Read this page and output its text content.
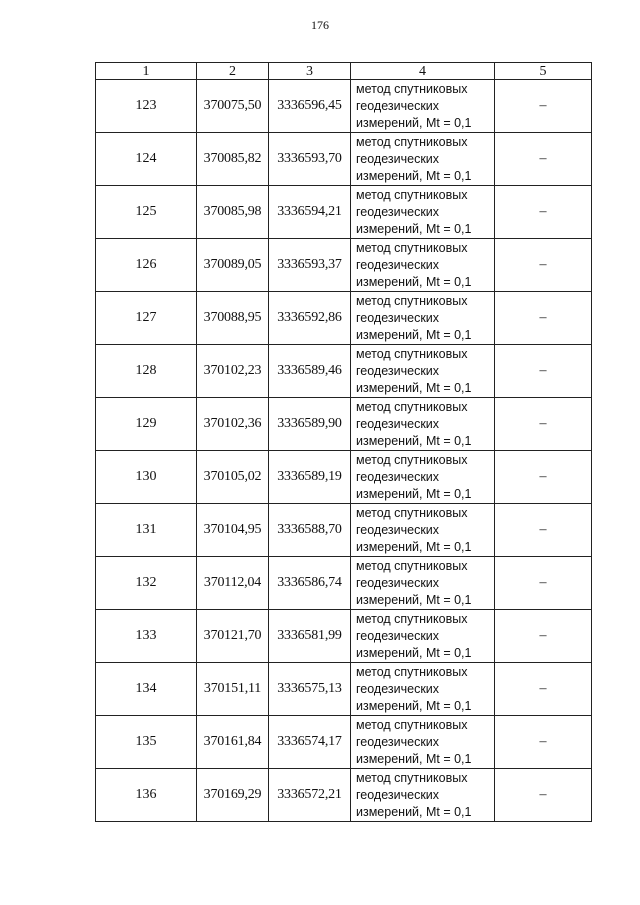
176
1	2	3	4	5
123	370075,50	3336596,45	метод спутниковых
геодезических
измерений, Mt = 0,1	–
124	370085,82	3336593,70	метод спутниковых
геодезических
измерений, Mt = 0,1	–
125	370085,98	3336594,21	метод спутниковых
геодезических
измерений, Mt = 0,1	–
126	370089,05	3336593,37	метод спутниковых
геодезических
измерений, Mt = 0,1	–
127	370088,95	3336592,86	метод спутниковых
геодезических
измерений, Mt = 0,1	–
128	370102,23	3336589,46	метод спутниковых
геодезических
измерений, Mt = 0,1	–
129	370102,36	3336589,90	метод спутниковых
геодезических
измерений, Mt = 0,1	–
130	370105,02	3336589,19	метод спутниковых
геодезических
измерений, Mt = 0,1	–
131	370104,95	3336588,70	метод спутниковых
геодезических
измерений, Mt = 0,1	–
132	370112,04	3336586,74	метод спутниковых
геодезических
измерений, Mt = 0,1	–
133	370121,70	3336581,99	метод спутниковых
геодезических
измерений, Mt = 0,1	–
134	370151,11	3336575,13	метод спутниковых
геодезических
измерений, Mt = 0,1	–
135	370161,84	3336574,17	метод спутниковых
геодезических
измерений, Mt = 0,1	–
136	370169,29	3336572,21	метод спутниковых
геодезических
измерений, Mt = 0,1	–
